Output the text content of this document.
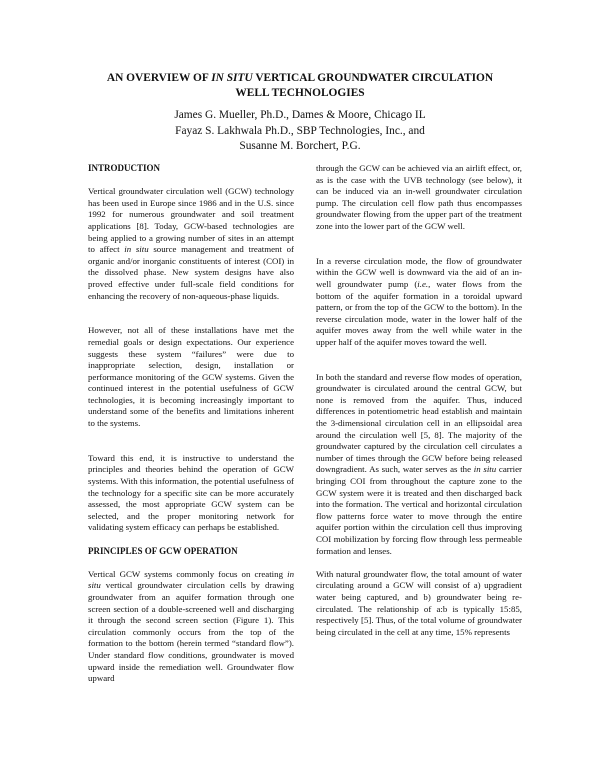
AN OVERVIEW OF IN SITU VERTICAL GROUNDWATER CIRCULATION
WELL TECHNOLOGIES
James G. Mueller, Ph.D., Dames & Moore, Chicago IL
Fayaz S. Lakhwala Ph.D., SBP Technologies, Inc., and
Susanne M. Borchert, P.G.
INTRODUCTION

Vertical groundwater circulation well (GCW) technology has been used in Europe since 1986 and in the U.S. since 1992 for numerous groundwater and soil treatment applications [8]. Today, GCW-based technologies are being applied to a growing number of sites in an attempt to affect in situ source management and treatment of organic and/or inorganic constituents of interest (COI) in the dissolved phase. New system designs have also proved effective under full-scale field conditions for enhancing the recovery of non-aqueous-phase liquids.

However, not all of these installations have met the remedial goals or design expectations. Our experience suggests these system “failures” were due to inappropriate selection, design, installation or performance monitoring of the GCW systems. Given the continued interest in the potential usefulness of GCW technologies, it is becoming increasingly important to understand some of the benefits and limitations inherent to the systems.

Toward this end, it is instructive to understand the principles and theories behind the operation of GCW systems. With this information, the potential usefulness of the technology for a specific site can be more accurately assessed, the most appropriate GCW system can be selected, and the proper monitoring network for validating system efficacy can perhaps be established.

PRINCIPLES OF GCW OPERATION

Vertical GCW systems commonly focus on creating in situ vertical groundwater circulation cells by drawing groundwater from an aquifer formation through one screen section of a double-screened well and discharging it through the second screen section (Figure 1). This circulation commonly occurs from the top of the formation to the bottom (herein termed “standard flow”). Under standard flow conditions, groundwater is moved upward inside the remediation well. Groundwater flow upward

through the GCW can be achieved via an airlift effect, or, as is the case with the UVB technology (see below), it can be induced via an in-well groundwater circulation pump. The circulation cell flow path thus encompasses groundwater flowing from the upper part of the treatment zone into the lower part of the GCW well.

In a reverse circulation mode, the flow of groundwater within the GCW well is downward via the aid of an in-well groundwater pump (i.e., water flows from the bottom of the aquifer formation in a toroidal upward pattern, or from the top of the GCW to the bottom). In the reverse circulation mode, water in the lower half of the aquifer moves away from the well while water in the upper half of the aquifer moves toward the well.

In both the standard and reverse flow modes of operation, groundwater is circulated around the central GCW, but none is removed from the aquifer. Thus, induced differences in potentiometric head establish and maintain the 3-dimensional circulation cell in an ellipsoidal area around the circulation well [5, 8]. The majority of the groundwater captured by the circulation cell circulates a number of times through the GCW before being released downgradient. As such, water serves as the in situ carrier bringing COI from throughout the capture zone to the GCW system were it is treated and then discharged back into the formation. The vertical and horizontal circulation flow patterns force water to move through the entire aquifer portion within the circulation cell thus improving COI mobilization by forcing flow through less permeable formation and lenses.

With natural groundwater flow, the total amount of water circulating around a GCW will consist of a) upgradient water being captured, and b) groundwater being re-circulated. The relationship of a:b is typically 15:85, respectively [5]. Thus, of the total volume of groundwater being circulated in the cell at any time, 15% represents
